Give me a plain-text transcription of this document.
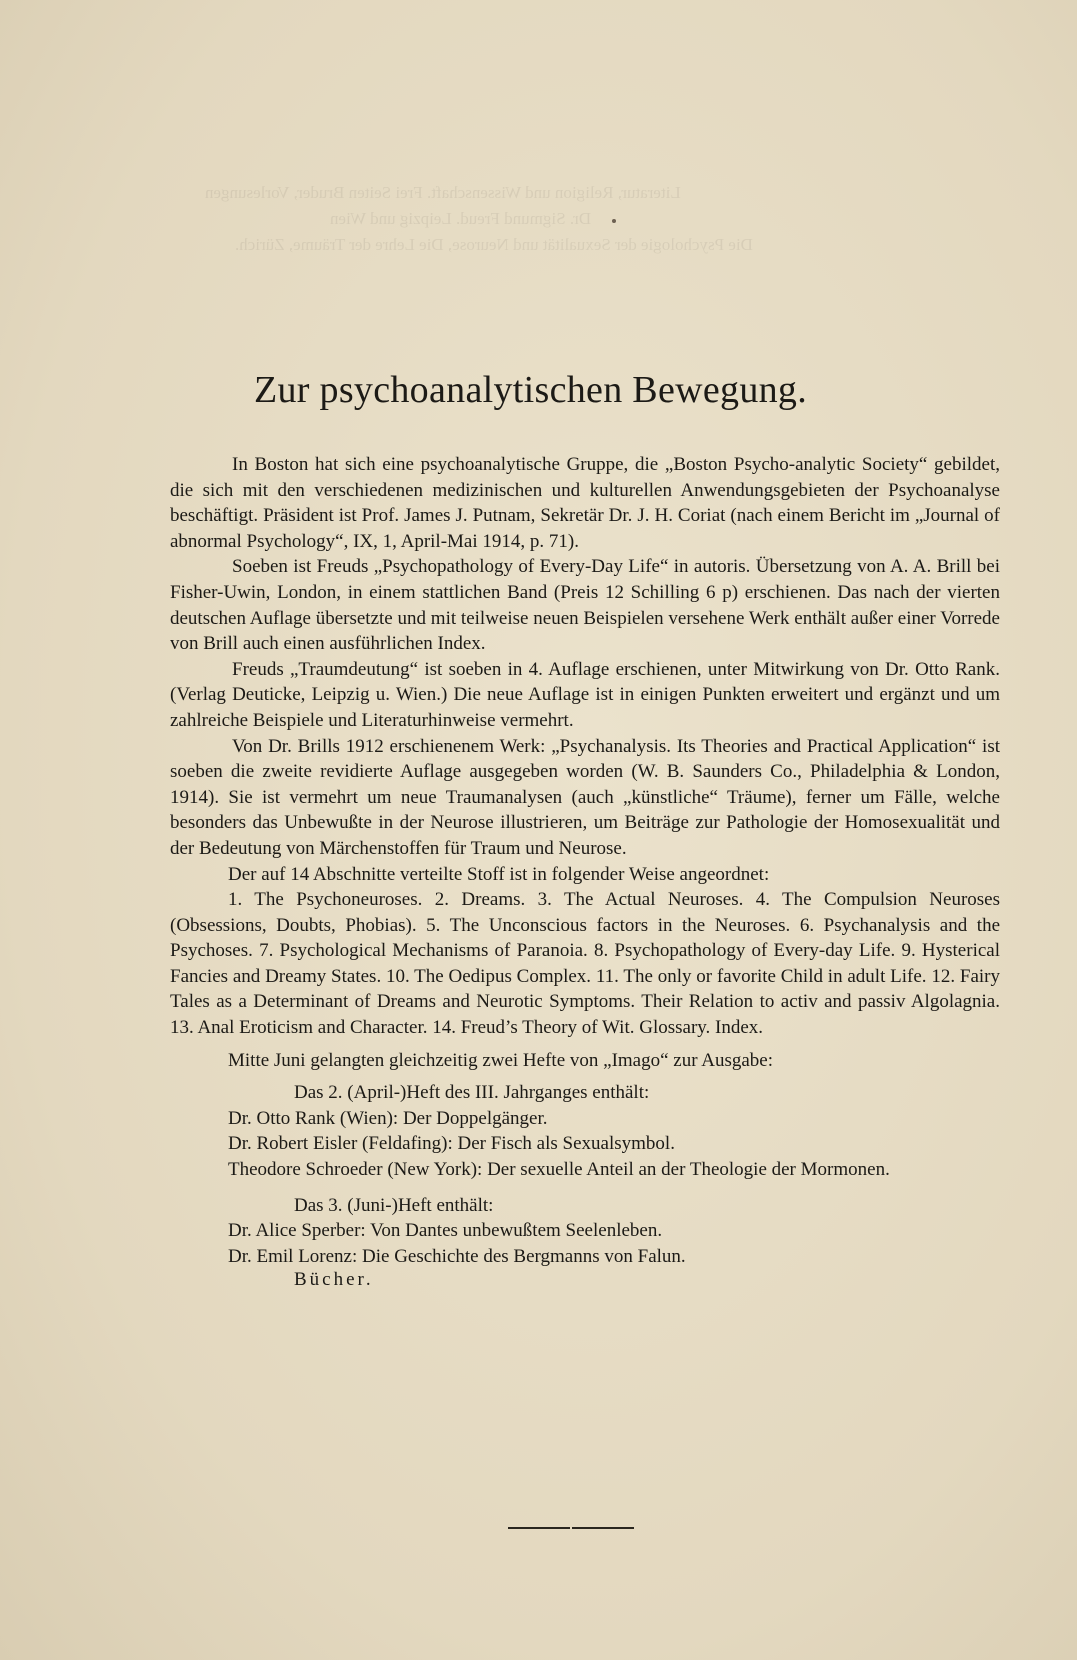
Literatur, Religion und Wissenschaft. Frei Seiten Bruder, Vorlesungen
Dr. Sigmund Freud. Leipzig und Wien
Die Psychologie der Sexualität und Neurose, Die Lehre der Träume, Zürich.
Zur psychoanalytischen Bewegung.

In Boston hat sich eine psychoanalytische Gruppe, die „Boston Psycho-analytic Society“ gebildet, die sich mit den verschiedenen medizinischen und kulturellen Anwendungsgebieten der Psychoanalyse beschäftigt. Präsident ist Prof. James J. Putnam, Sekretär Dr. J. H. Coriat (nach einem Bericht im „Journal of abnormal Psychology“, IX, 1, April-Mai 1914, p. 71).

Soeben ist Freuds „Psychopathology of Every-Day Life“ in autoris. Übersetzung von A. A. Brill bei Fisher-Uwin, London, in einem stattlichen Band (Preis 12 Schilling 6 p) erschienen. Das nach der vierten deutschen Auflage übersetzte und mit teilweise neuen Beispielen versehene Werk enthält außer einer Vorrede von Brill auch einen ausführlichen Index.

Freuds „Traumdeutung“ ist soeben in 4. Auflage erschienen, unter Mitwirkung von Dr. Otto Rank. (Verlag Deuticke, Leipzig u. Wien.) Die neue Auflage ist in einigen Punkten erweitert und ergänzt und um zahlreiche Beispiele und Literaturhinweise vermehrt.

Von Dr. Brills 1912 erschienenem Werk: „Psychanalysis. Its Theories and Practical Application“ ist soeben die zweite revidierte Auflage ausgegeben worden (W. B. Saunders Co., Philadelphia & London, 1914). Sie ist vermehrt um neue Traumanalysen (auch „künstliche“ Träume), ferner um Fälle, welche besonders das Unbewußte in der Neurose illustrieren, um Beiträge zur Pathologie der Homosexualität und der Bedeutung von Märchenstoffen für Traum und Neurose.

Der auf 14 Abschnitte verteilte Stoff ist in folgender Weise angeordnet:

1. The Psychoneuroses. 2. Dreams. 3. The Actual Neuroses. 4. The Compulsion Neuroses (Obsessions, Doubts, Phobias). 5. The Unconscious factors in the Neuroses. 6. Psychanalysis and the Psychoses. 7. Psychological Mechanisms of Paranoia. 8. Psychopathology of Every-day Life. 9. Hysterical Fancies and Dreamy States. 10. The Oedipus Complex. 11. The only or favorite Child in adult Life. 12. Fairy Tales as a Determinant of Dreams and Neurotic Symptoms. Their Relation to activ and passiv Algolagnia. 13. Anal Eroticism and Character. 14. Freud’s Theory of Wit. Glossary. Index.

Mitte Juni gelangten gleichzeitig zwei Hefte von „Imago“ zur Ausgabe:

Das 2. (April-)Heft des III. Jahrganges enthält:

Dr. Otto Rank (Wien): Der Doppelgänger.

Dr. Robert Eisler (Feldafing): Der Fisch als Sexualsymbol.

Theodore Schroeder (New York): Der sexuelle Anteil an der Theologie der Mormonen.

Das 3. (Juni-)Heft enthält:

Dr. Alice Sperber: Von Dantes unbewußtem Seelenleben.

Dr. Emil Lorenz: Die Geschichte des Bergmanns von Falun.

Bücher.
